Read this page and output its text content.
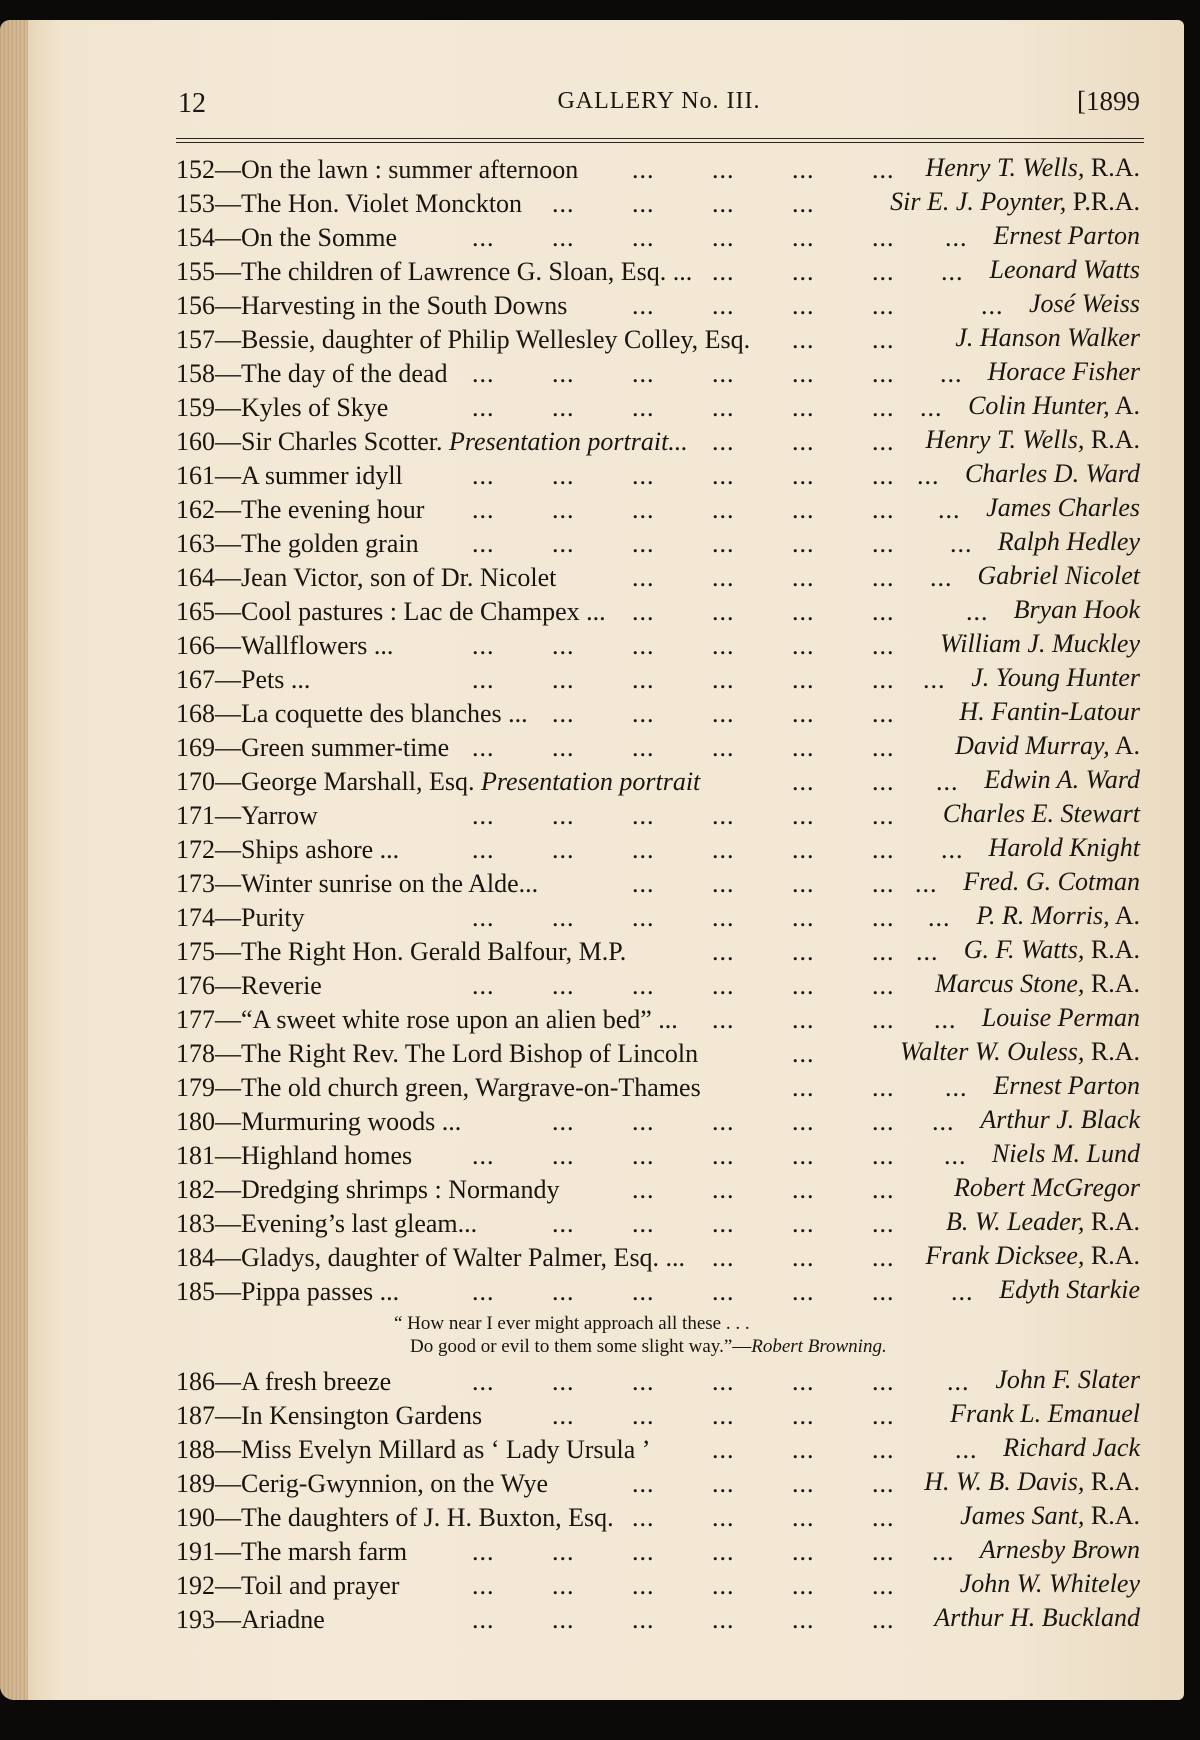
12	GALLERY No. III.	[1899
152—On the lawn : summer afternoon	Henry T. Wells, R.A.
... ... ... ...
153—The Hon. Violet Monckton	Sir E. J. Poynter, P.R.A.
... ... ... ...
154—On the Somme	Ernest Parton
... ... ... ... ... ... ...
155—The children of Lawrence G. Sloan, Esq. ...	Leonard Watts
... ... ... ...
156—Harvesting in the South Downs	José Weiss
... ... ... ...	...
157—Bessie, daughter of Philip Wellesley Colley, Esq.	J. Hanson Walker
... ...
158—The day of the dead	Horace Fisher
... ... ... ... ... ... ...
159—Kyles of Skye	Colin Hunter, A.
... ... ... ... ... ... ...
160—Sir Charles Scotter. Presentation portrait...	Henry T. Wells, R.A.
... ... ...
161—A summer idyll	Charles D. Ward
... ... ... ... ... ... ...
162—The evening hour	James Charles
... ... ... ... ... ... ...
163—The golden grain	Ralph Hedley
... ... ... ... ... ... ...
164—Jean Victor, son of Dr. Nicolet	Gabriel Nicolet
... ... ... ... ...
165—Cool pastures : Lac de Champex ...	Bryan Hook
... ... ... ...	...
166—Wallflowers ...	William J. Muckley
... ... ... ... ... ...
167—Pets ...	J. Young Hunter
... ... ... ... ... ... ...
168—La coquette des blanches ...	H. Fantin-Latour
... ... ... ... ...
169—Green summer-time	David Murray, A.
... ... ... ... ... ...
170—George Marshall, Esq. Presentation portrait	Edwin A. Ward
... ... ...
171—Yarrow	Charles E. Stewart
... ... ... ... ... ...
172—Ships ashore ...	Harold Knight
... ... ... ... ... ... ...
173—Winter sunrise on the Alde...	Fred. G. Cotman
... ... ... ... ...
174—Purity	P. R. Morris, A.
... ... ... ... ... ... ...
175—The Right Hon. Gerald Balfour, M.P.	G. F. Watts, R.A.
... ... ... ...
176—Reverie	Marcus Stone, R.A.
... ... ... ... ... ...
177—“A sweet white rose upon an alien bed” ...	Louise Perman
... ... ... ...
178—The Right Rev. The Lord Bishop of Lincoln	Walter W. Ouless, R.A.
...
179—The old church green, Wargrave-on-Thames	Ernest Parton
... ... ...
180—Murmuring woods ...	Arthur J. Black
... ... ... ... ... ...
181—Highland homes	Niels M. Lund
... ... ... ... ... ... ...
182—Dredging shrimps : Normandy	Robert McGregor
... ... ... ...
183—Evening’s last gleam...	B. W. Leader, R.A.
... ... ... ... ...
184—Gladys, daughter of Walter Palmer, Esq. ...	Frank Dicksee, R.A.
... ... ...
185—Pippa passes ...	Edyth Starkie
... ... ... ... ... ... ...
“ How near I ever might approach all these . . .
Do good or evil to them some slight way.”—Robert Browning.
186—A fresh breeze	John F. Slater
... ... ... ... ... ... ...
187—In Kensington Gardens	Frank L. Emanuel
... ... ... ... ...
188—Miss Evelyn Millard as ‘ Lady Ursula ’	Richard Jack
... ... ... ...
189—Cerig-Gwynnion, on the Wye	H. W. B. Davis, R.A.
... ... ... ...
190—The daughters of J. H. Buxton, Esq.	James Sant, R.A.
... ... ... ...
191—The marsh farm	Arnesby Brown
... ... ... ... ... ... ...
192—Toil and prayer	John W. Whiteley
... ... ... ... ... ...
193—Ariadne	Arthur H. Buckland
... ... ... ... ... ...
